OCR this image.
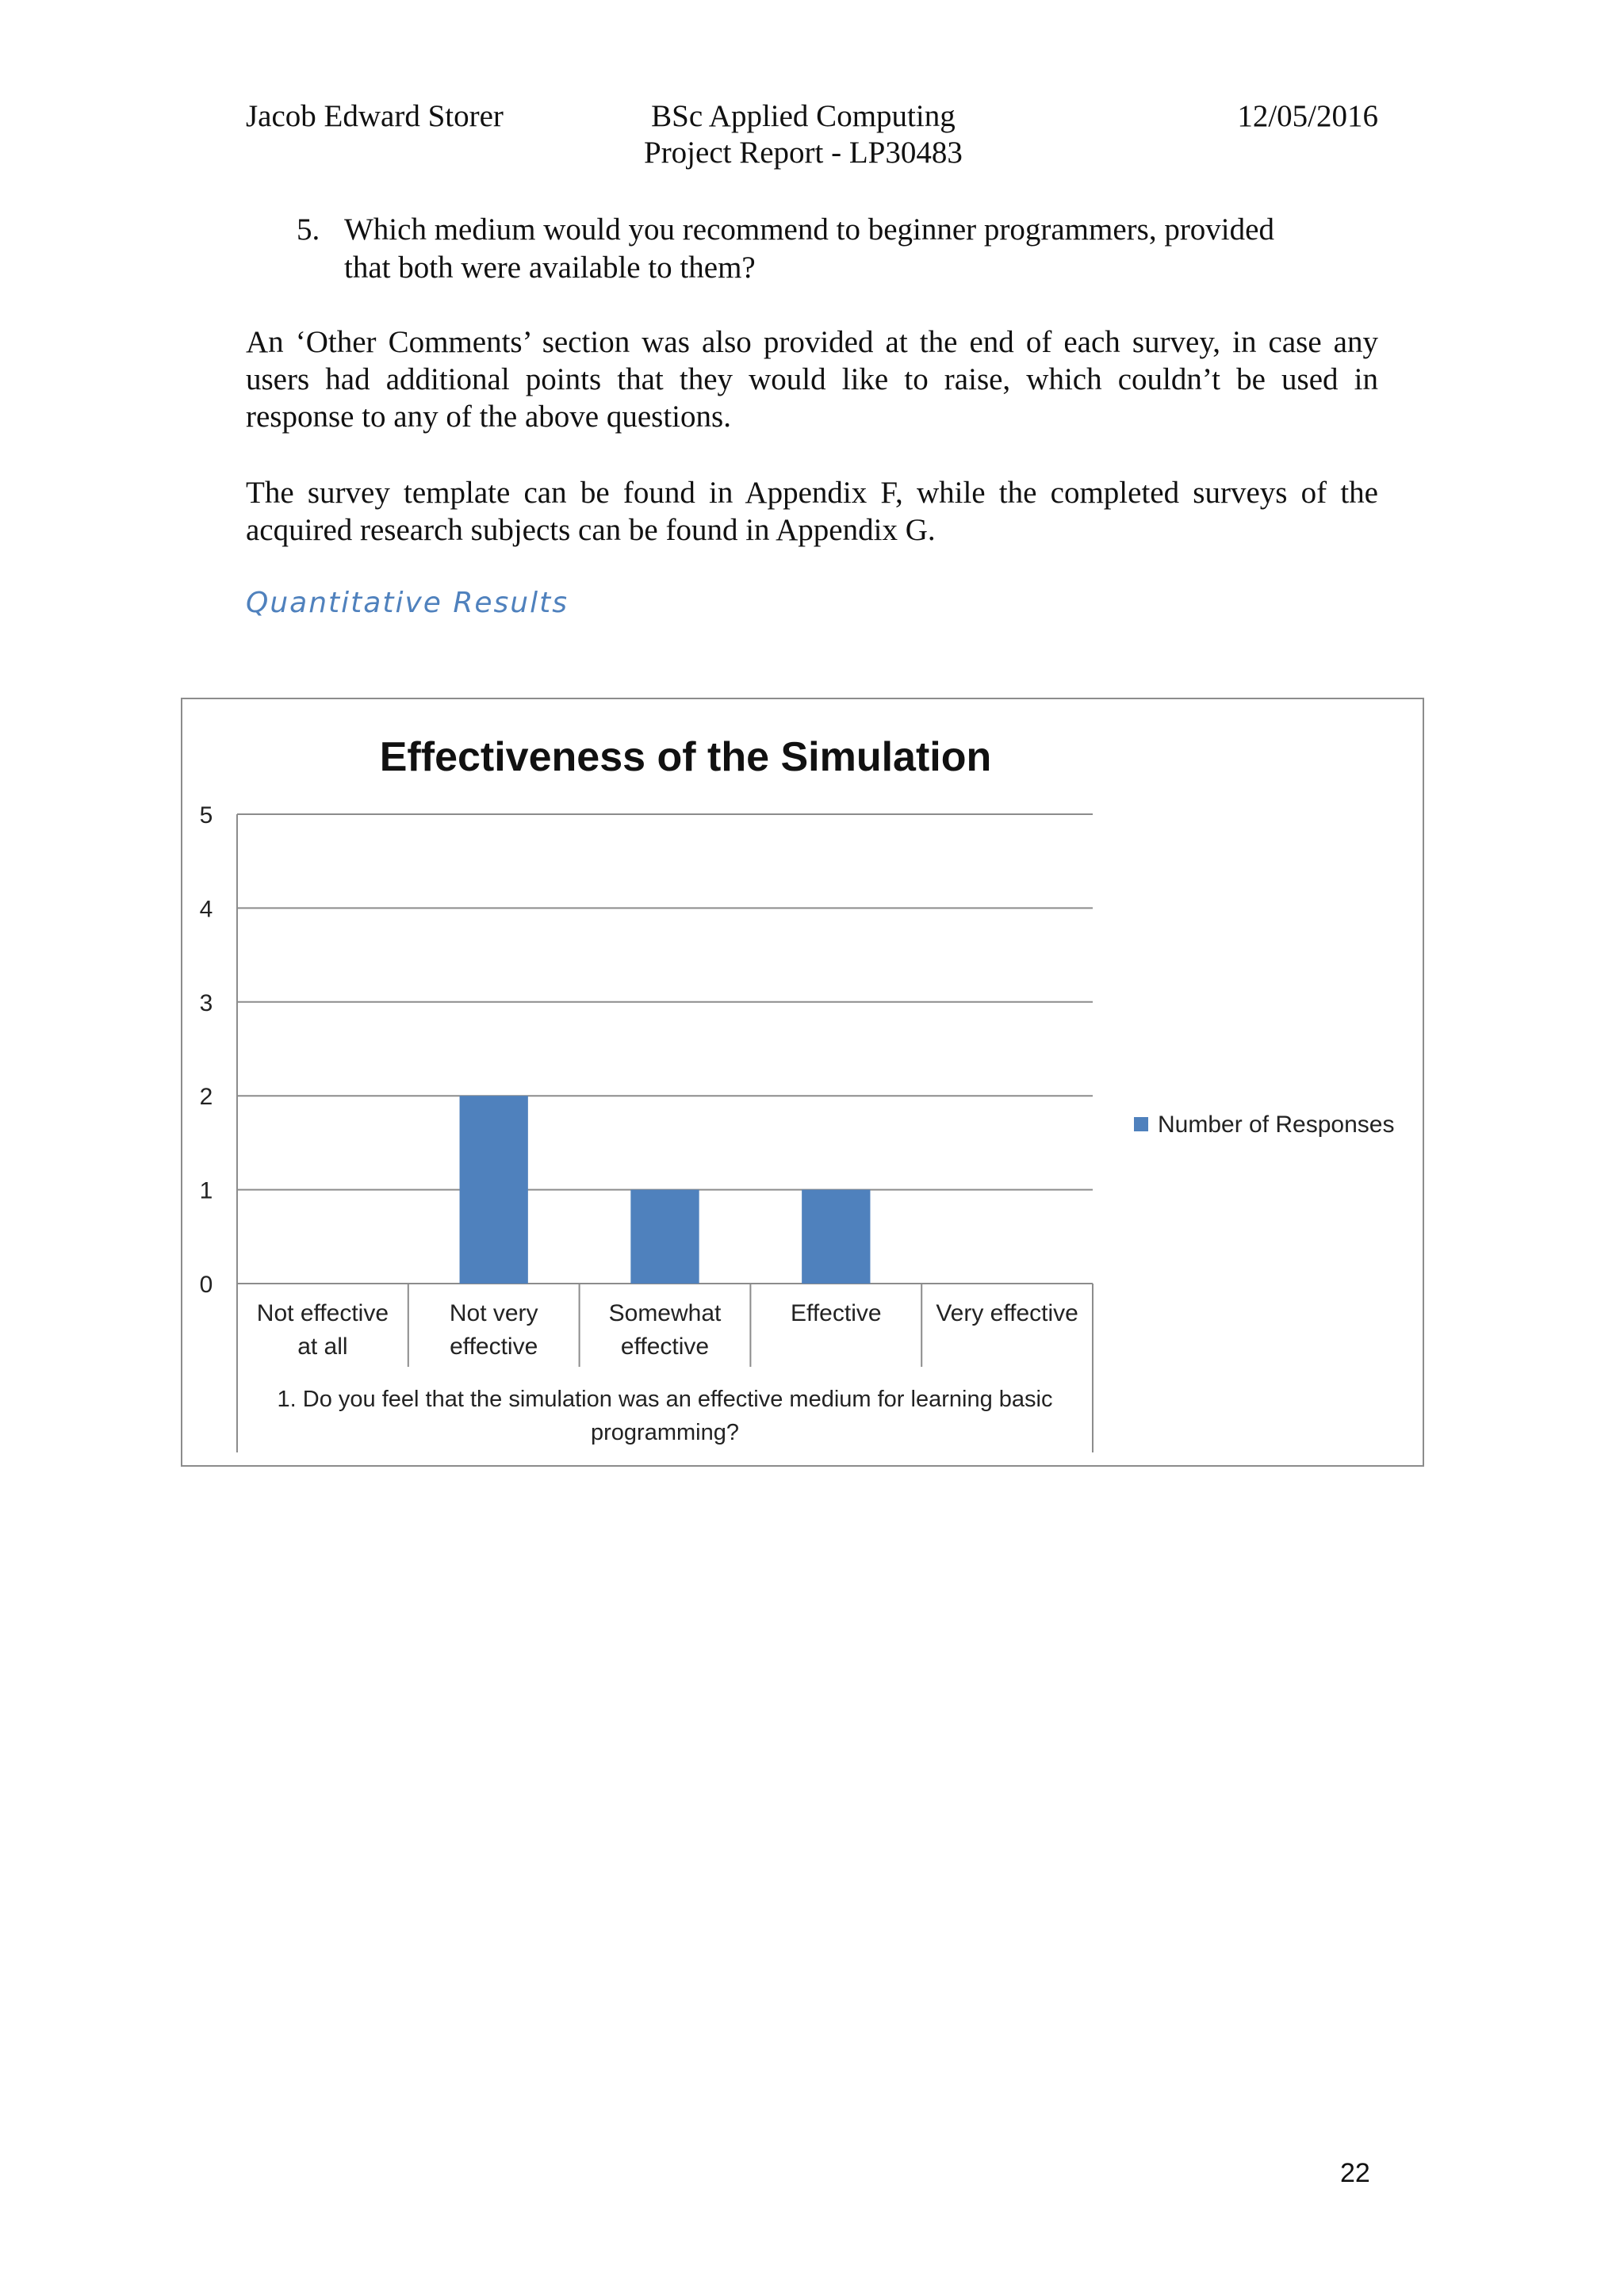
Jacob Edward Storer	BSc Applied Computing
Project Report - LP30483
12/05/2016
5. Which medium would you recommend to beginner programmers, provided that both were available to them?
An ‘Other Comments’ section was also provided at the end of each survey, in case any users had additional points that they would like to raise, which couldn’t be used in response to any of the above questions.
The survey template can be found in Appendix F, while the completed surveys of the acquired research subjects can be found in Appendix G.
Quantitative Results
Effectiveness of the Simulation
0
1
2
3
4
5
Not effective
at all
Not very
effective
Somewhat
effective
Effective Very effective
1. Do you feel that the simulation was an effective medium for learning basic
programming?
Number of Responses
22
